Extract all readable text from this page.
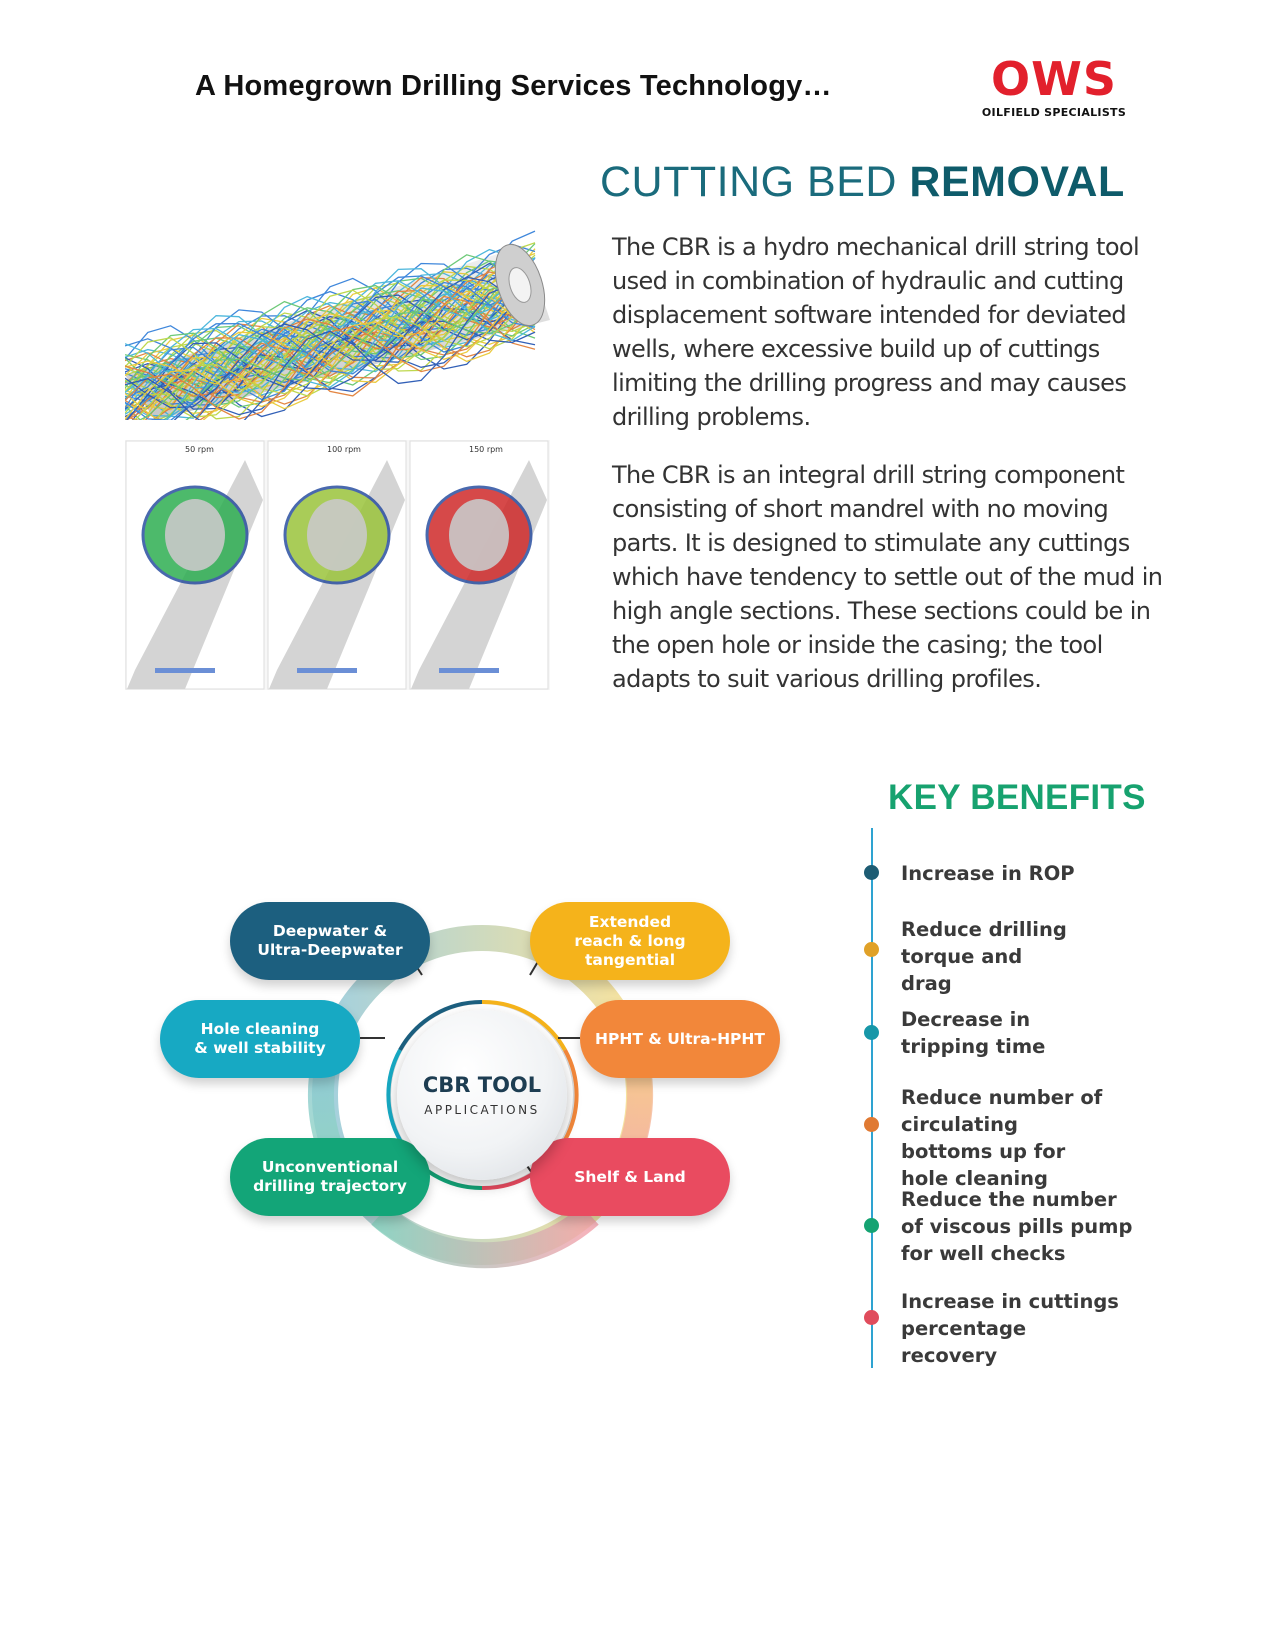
A Homegrown Drilling Services Technology…	OWS
OILFIELD SPECIALISTS
CUTTING BED REMOVAL
The CBR is a hydro mechanical drill string tool used in combination of hydraulic and cutting displacement software intended for deviated wells, where excessive build up of cuttings limiting the drilling progress and may causes drilling problems.
The CBR is an integral drill string component consisting of short mandrel with no moving parts. It is designed to stimulate any cuttings which have tendency to settle out of the mud in high angle sections. These sections could be in the open hole or inside the casing; the tool adapts to suit various drilling profiles.
50 rpm	100 rpm	150 rpm
Deepwater &
Ultra-Deepwater
Extended
reach & long tangential
Hole cleaning
& well stability
HPHT & Ultra-HPHT
Unconventional
drilling trajectory
Shelf & Land
CBR TOOL
APPLICATIONS
KEY BENEFITS
Increase in ROP
Reduce drilling torque and drag
Decrease in tripping time
Reduce number of circulating bottoms up for hole cleaning
Reduce the number of viscous pills pump for well checks
Increase in cuttings percentage recovery
